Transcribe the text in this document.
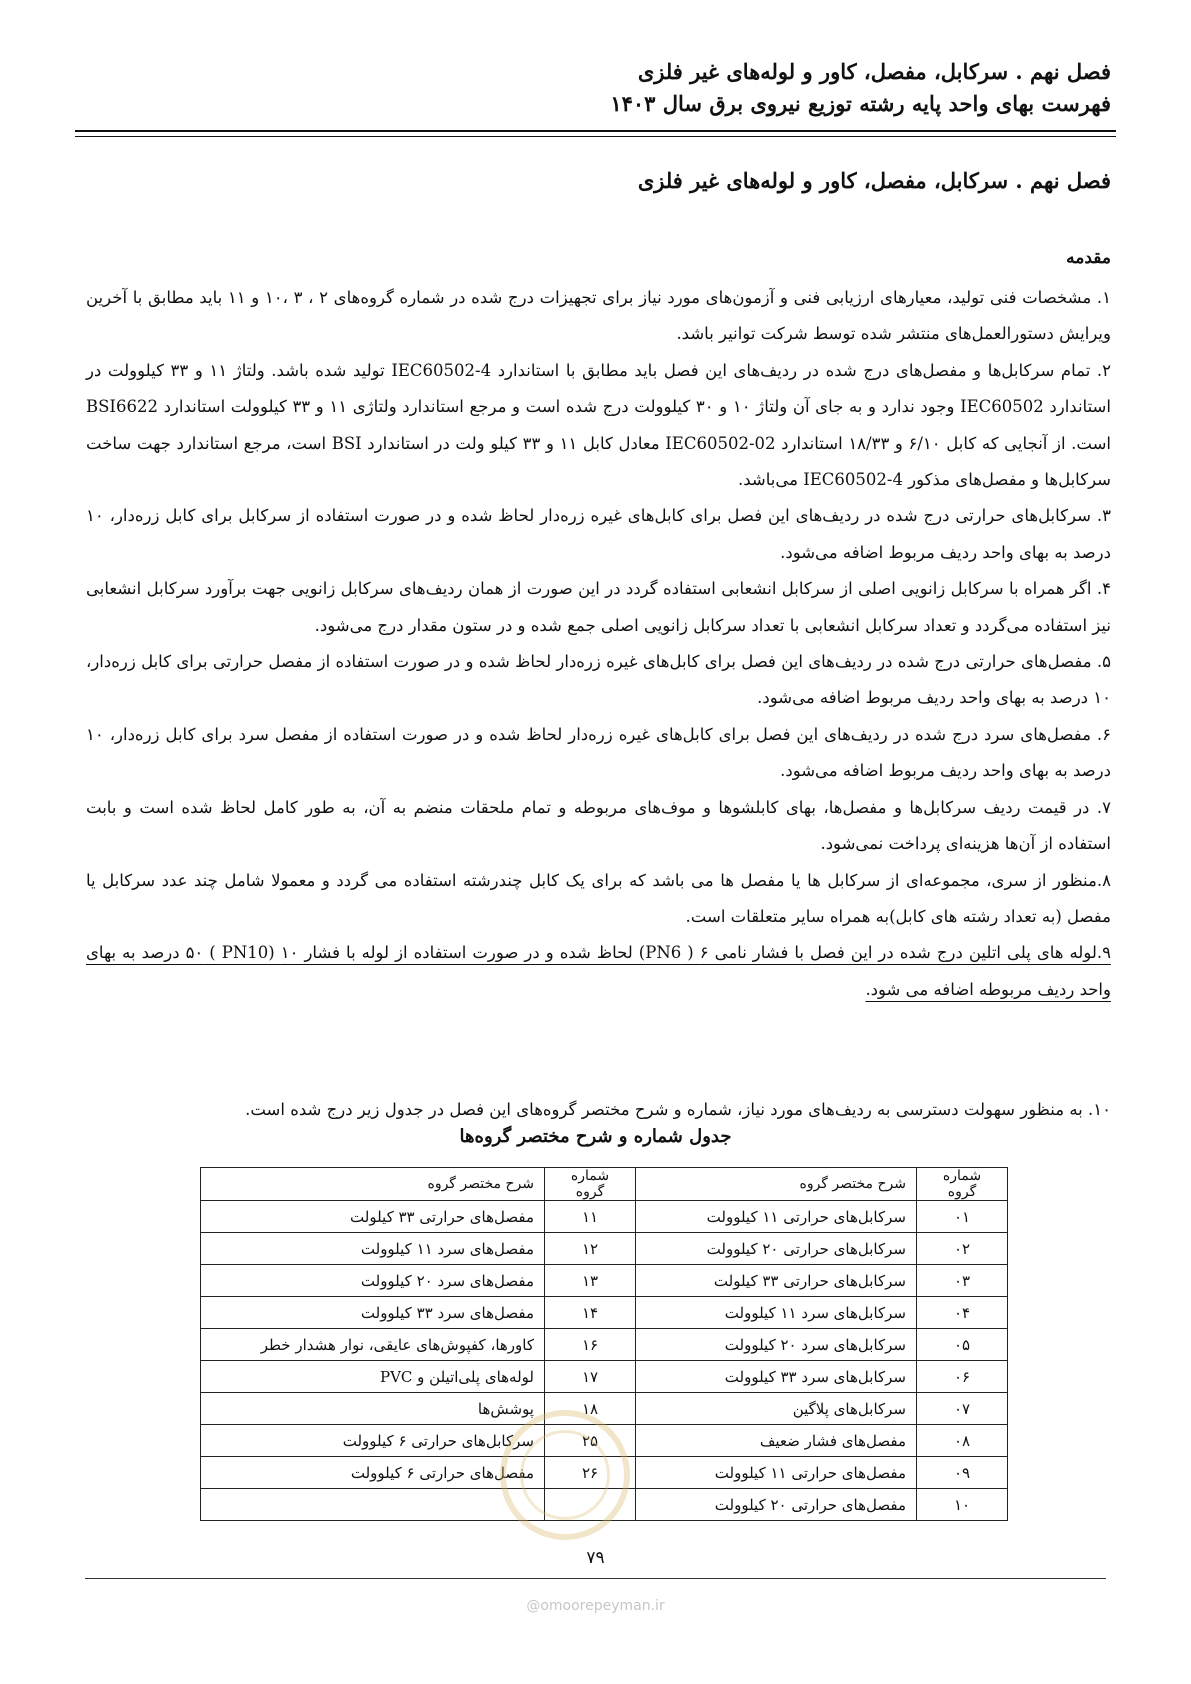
فصل نهم . سرکابل، مفصل، کاور و لوله‌های غیر فلزی
فهرست بهای واحد پایه رشته توزیع نیروی برق سال ۱۴۰۳
فصل نهم . سرکابل، مفصل، کاور و لوله‌های غیر فلزی
مقدمه

۱. مشخصات فنی تولید، معیارهای ارزیابی فنی و آزمون‌های مورد نیاز برای تجهیزات درج شده در شماره گروه‌های ۲ ، ۳ ،۱۰ و ۱۱ باید مطابق با آخرین ویرایش دستورالعمل‌های منتشر شده توسط شرکت توانیر باشد.

۲. تمام سرکابل‌ها و مفصل‌های درج شده در ردیف‌های این فصل باید مطابق با استاندارد IEC60502-4 تولید شده باشد. ولتاژ ۱۱ و ۳۳ کیلوولت در استاندارد IEC60502 وجود ندارد و به جای آن ولتاژ ۱۰ و ۳۰ کیلوولت درج شده است و مرجع استاندارد ولتاژی ۱۱ و ۳۳ کیلوولت استاندارد BSI6622 است. از آنجایی که کابل ۶/۱۰ و ۱۸/۳۳ استاندارد IEC60502-02 معادل کابل ۱۱ و ۳۳ کیلو ولت در استاندارد BSI است، مرجع استاندارد جهت ساخت سرکابل‌ها و مفصل‌های مذکور IEC60502-4 می‌باشد.

۳. سرکابل‌های حرارتی درج شده در ردیف‌های این فصل برای کابل‌های غیره زره‌دار لحاظ شده و در صورت استفاده از سرکابل برای کابل زره‌دار، ۱۰ درصد به بهای واحد ردیف مربوط اضافه می‌شود.

۴. اگر همراه با سرکابل زانویی اصلی از سرکابل انشعابی استفاده گردد در این صورت از همان ردیف‌های سرکابل زانویی جهت برآورد سرکابل انشعابی نیز استفاده می‌گردد و تعداد سرکابل انشعابی با تعداد سرکابل زانویی اصلی جمع شده و در ستون مقدار درج می‌شود.

۵. مفصل‌های حرارتی درج شده در ردیف‌های این فصل برای کابل‌های غیره زره‌دار لحاظ شده و در صورت استفاده از مفصل حرارتی برای کابل زره‌دار، ۱۰ درصد به بهای واحد ردیف مربوط اضافه می‌شود.

۶. مفصل‌های سرد درج شده در ردیف‌های این فصل برای کابل‌های غیره زره‌دار لحاظ شده و در صورت استفاده از مفصل سرد برای کابل زره‌دار، ۱۰ درصد به بهای واحد ردیف مربوط اضافه می‌شود.

۷. در قیمت ردیف سرکابل‌ها و مفصل‌ها، بهای کابلشوها و موف‌های مربوطه و تمام ملحقات منضم به آن، به طور کامل لحاظ شده است و بابت استفاده از آن‌ها هزینه‌ای پرداخت نمی‌شود.

۸.منظور از سری، مجموعه‌ای از سرکابل ها یا مفصل ها می باشد که برای یک کابل چندرشته استفاده می گردد و معمولا شامل چند عدد سرکابل یا مفصل (به تعداد رشته های کابل)به همراه سایر متعلقات است.

۹.لوله های پلی اتلین درج شده در این فصل با فشار نامی ۶ ( PN6) لحاظ شده و در صورت استفاده از لوله با فشار ۱۰ (PN10 ) ۵۰ درصد به بهای واحد ردیف مربوطه اضافه می شود.

۱۰. به منظور سهولت دسترسی به ردیف‌های مورد نیاز، شماره و شرح مختصر گروه‌های این فصل در جدول زیر درج شده است.
جدول شماره و شرح مختصر گروه‌ها
شماره گروه	شرح مختصر گروه	شماره گروه	شرح مختصر گروه
۰۱	سرکابل‌های حرارتی ۱۱ کیلوولت	۱۱	مفصل‌های حرارتی ۳۳ کیلولت
۰۲	سرکابل‌های حرارتی ۲۰ کیلوولت	۱۲	مفصل‌های سرد ۱۱ کیلوولت
۰۳	سرکابل‌های حرارتی ۳۳ کیلولت	۱۳	مفصل‌های سرد ۲۰ کیلوولت
۰۴	سرکابل‌های سرد ۱۱ کیلوولت	۱۴	مفصل‌های سرد ۳۳ کیلوولت
۰۵	سرکابل‌های سرد ۲۰ کیلوولت	۱۶	کاورها، کفپوش‌های عایقی، نوار هشدار خطر
۰۶	سرکابل‌های سرد ۳۳ کیلوولت	۱۷	لوله‌های پلی‌اتیلن و PVC
۰۷	سرکابل‌های پلاگین	۱۸	پوشش‌ها
۰۸	مفصل‌های فشار ضعیف	۲۵	سرکابل‌های حرارتی ۶ کیلوولت
۰۹	مفصل‌های حرارتی ۱۱ کیلوولت	۲۶	مفصل‌های حرارتی ۶ کیلوولت
۱۰	مفصل‌های حرارتی ۲۰ کیلوولت		
۷۹
@omoorepeyman.ir
